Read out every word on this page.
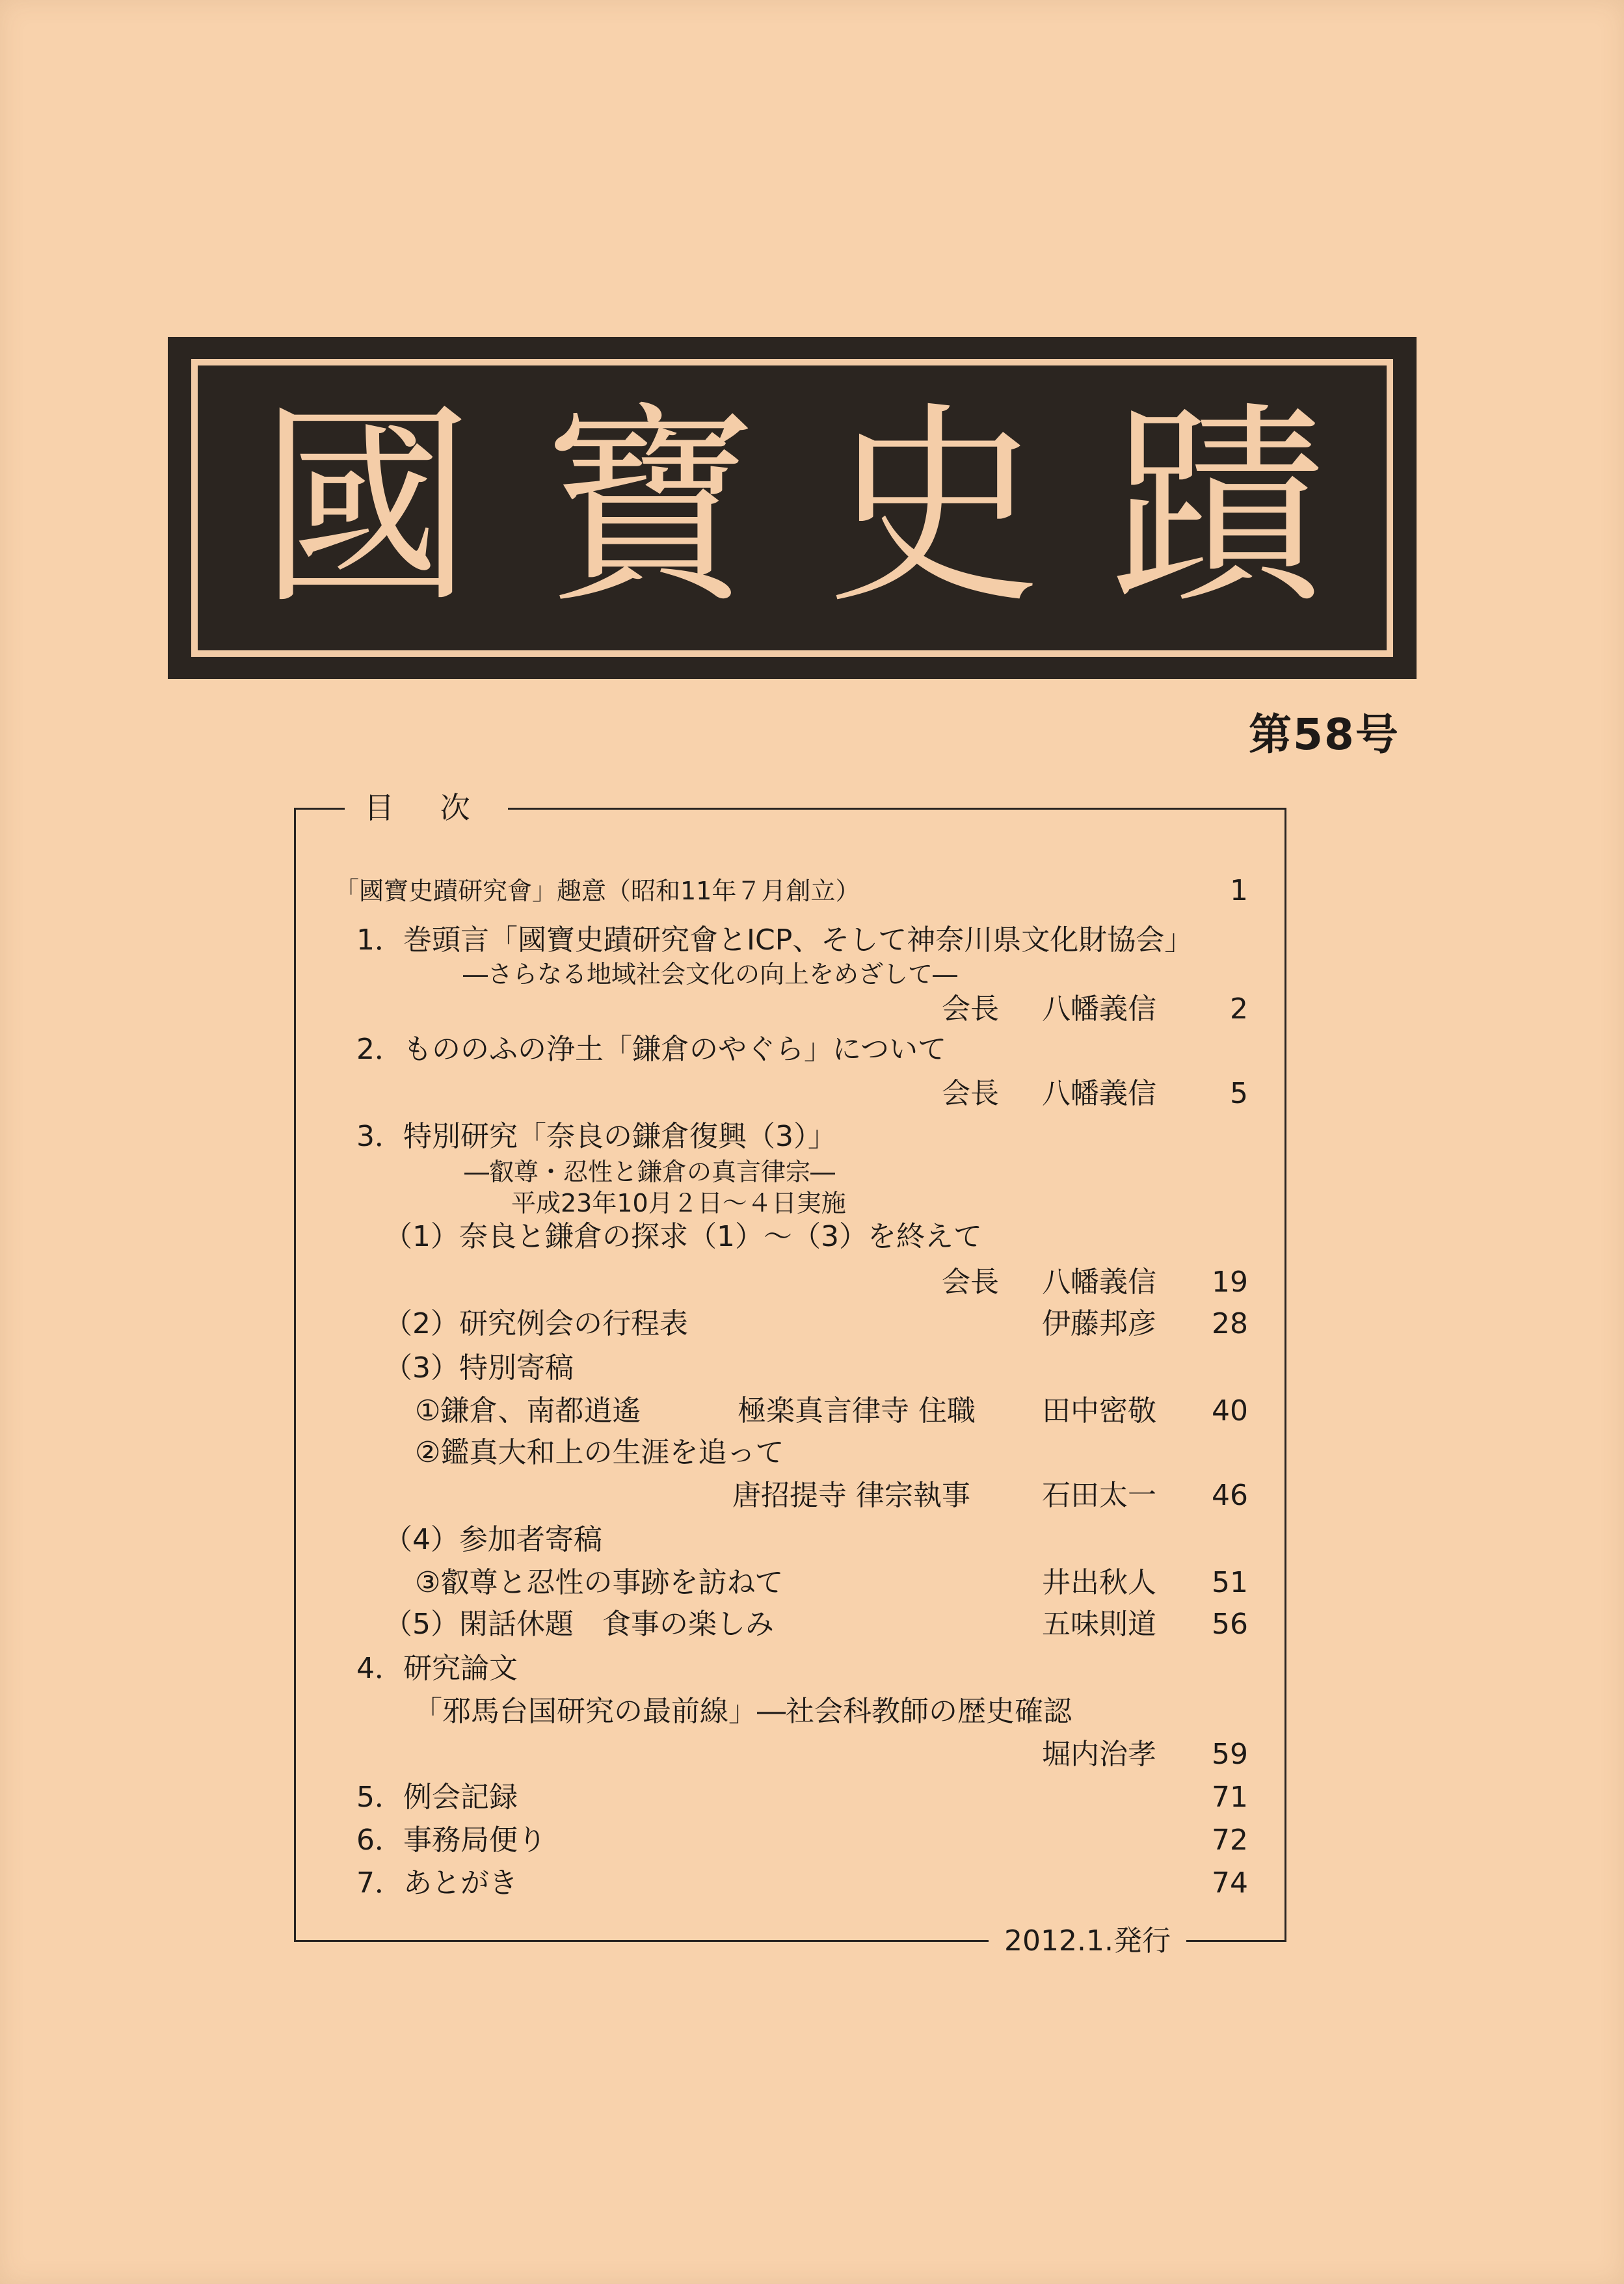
國 寶 史 蹟
第58号
目 次
「國寶史蹟研究會」趣意（昭和11年７月創立）	1
1．巻頭言「國寶史蹟研究會とICP、そして神奈川県文化財協会」
―さらなる地域社会文化の向上をめざして―
会長 八幡義信	2
2．もののふの浄土「鎌倉のやぐら」について
会長 八幡義信	5
3．特別研究「奈良の鎌倉復興（3）」
―叡尊・忍性と鎌倉の真言律宗―
平成23年10月２日～４日実施
（1）奈良と鎌倉の探求（1）～（3）を終えて
会長 八幡義信	19
（2）研究例会の行程表	伊藤邦彦	28
（3）特別寄稿
①鎌倉、南都逍遙	極楽真言律寺 住職 田中密敬	40
②鑑真大和上の生涯を追って
唐招提寺 律宗執事	石田太一	46
（4）参加者寄稿
③叡尊と忍性の事跡を訪ねて	井出秋人	51
（5）閑話休題　食事の楽しみ	五味則道	56
4．研究論文
「邪馬台国研究の最前線」―社会科教師の歴史確認
堀内治孝	59
5．例会記録	71
6．事務局便り	72
7．あとがき	74
2012.1.発行
